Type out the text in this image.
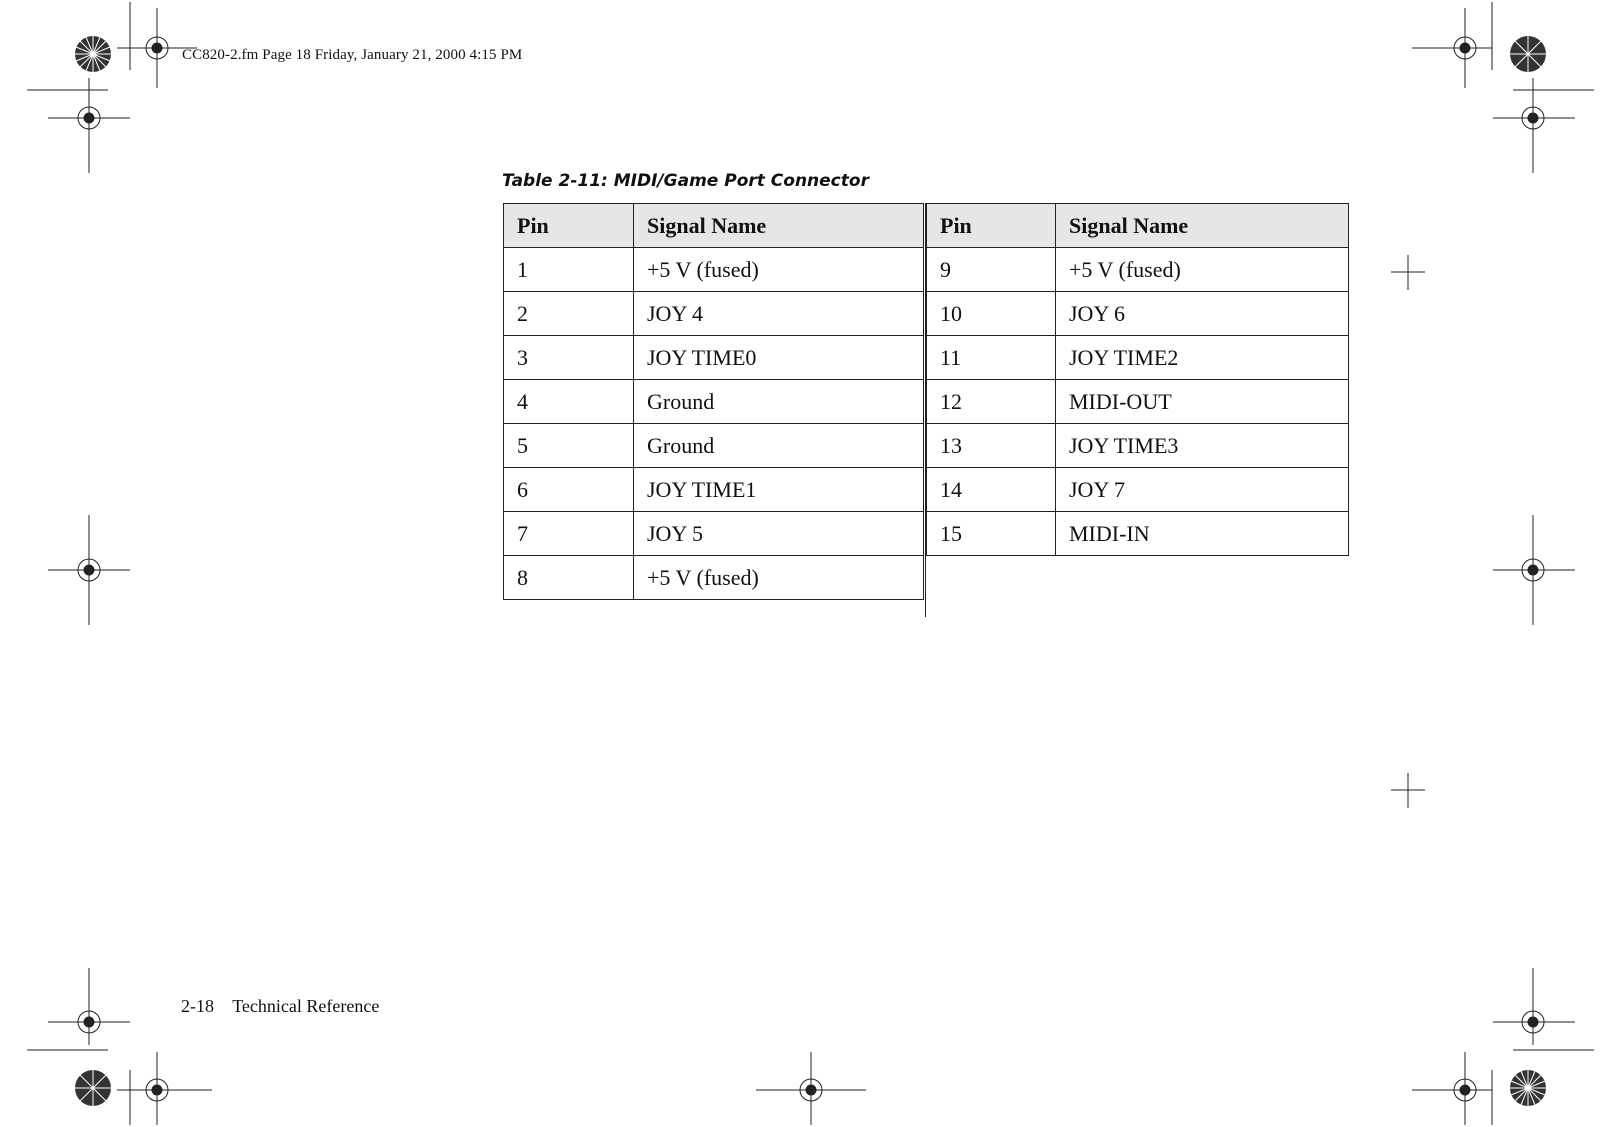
CC820-2.fm Page 18 Friday, January 21, 2000 4:15 PM
Table 2-11: MIDI/Game Port Connector
Pin	Signal Name
1	+5 V (fused)
2	JOY 4
3	JOY TIME0
4	Ground
5	Ground
6	JOY TIME1
7	JOY 5
8	+5 V (fused)
Pin	Signal Name
9	+5 V (fused)
10	JOY 6
11	JOY TIME2
12	MIDI-OUT
13	JOY TIME3
14	JOY 7
15	MIDI-IN
2-18 Technical Reference
